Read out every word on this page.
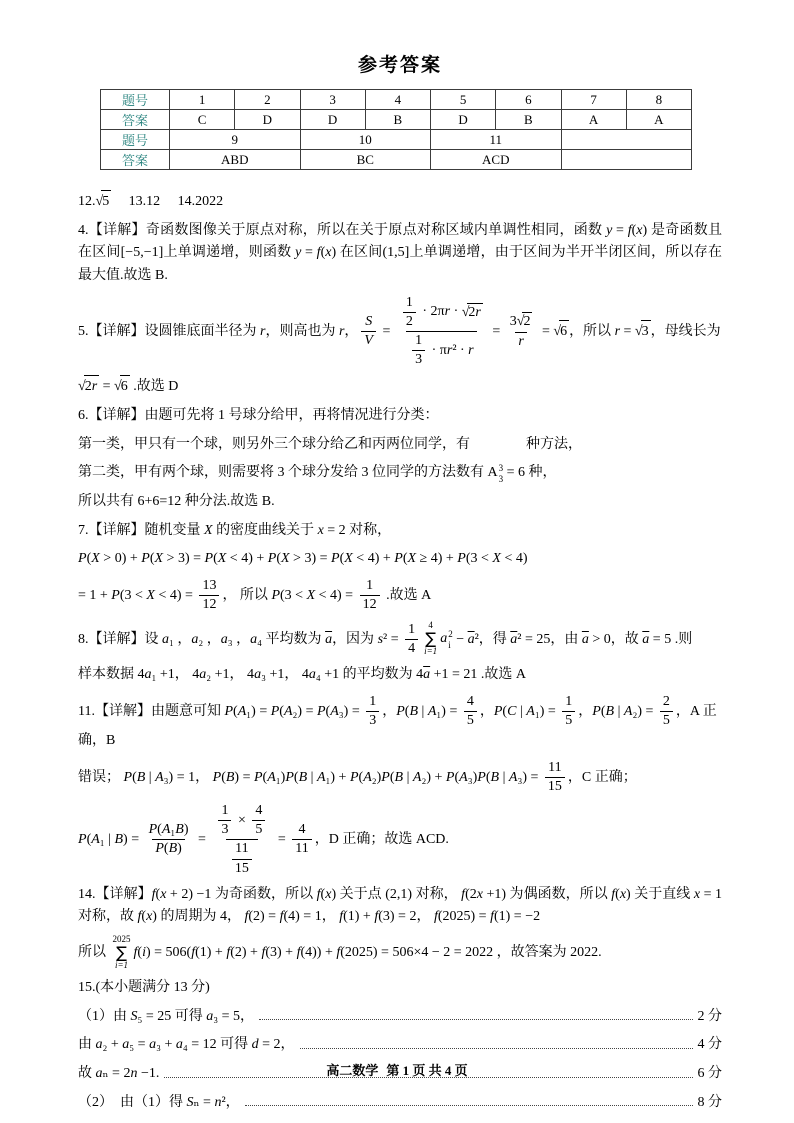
参考答案
题号	1	2	3	4	5	6	7	8
答案	C	D	D	B	D	B	A	A
题号	9		10		11			
答案	ABD		BC		ACD			
12.√5　 13.12　 14.2022
4.【详解】奇函数图像关于原点对称，所以在关于原点对称区域内单调性相同，函数 y = f(x) 是奇函数且在区间[−5,−1]上单调递增，则函数 y = f(x) 在区间(1,5]上单调递增，由于区间为半开半闭区间，所以存在最大值.故选 B.
5.【详解】设圆锥底面半径为 r，则高也为 r， $\frac{S}{V} = \frac{\frac{1}{2} \cdot 2\pi r \cdot √2r}{\frac{1}{3} \cdot \pi r ^2 \cdot r} = \frac{3 √2}{r} = √6$ ，所以 r = √3 ，母线长为
√2r = √6 .故选 D
6.【详解】由题可先将 1 号球分给甲，再将情况进行分类：
第一类，甲只有一个球，则另外三个球分给乙和丙两位同学，有　　　　种方法，
第二类，甲有两个球，则需要将 3 个球分发给 3 位同学的方法数有 A 3
3 = 6 种，
所以共有 6+6=12 种分法.故选 B.
7.【详解】随机变量 X 的密度曲线关于 x = 2 对称，
P(X > 0) + P(X > 3) = P(X < 4) + P(X > 3) = P(X < 4) + P(X ≥ 4) + P(3 < X < 4)
= $1 + P(3 < X < 4) = \frac{13}{12}$ ， 所以 $P(3 < X < 4) = \frac{1}{12}$ .故选 A
8.【详解】设 a₁ ，a₂ ，a₃ ，a₄ 平均数为 $\overline{a}$，因为 $s^2 = \frac{1}{4} 4$
∑
i=1
a 2
$i - \overline{a}^2$，得 $\overline{a}^2 = 25$，由 $\overline{a} > 0$，故 $\overline{a} = 5$ .则
样本数据 4a₁ +1， 4a₂ +1， 4a₃ +1， 4a₄ +1 的平均数为 $4\overline{a} +1 = 21$ .故选 A
11.【详解】由题意可知 $P(A_1) = P(A_2) = P(A_3) = \frac{1}{3}$ ，P(B | $A_1) = \frac{4}{5}$ ，P(C | $A_1) = \frac{1}{5}$ ，P(B | $A_2) = \frac{2}{5}$ ，A 正确，B
错误； P(B | A₃) = 1， P(B) = P(A₁)P(B | A₁) + P(A₂)P(B | A₂) + P(A₃)P(B | $A_3) = \frac{11}{15}$ ，C 正确；
P(A₁ | $B) = \frac{\text{P ( A ₁ B )}}{P ( B )} = \frac{\frac{1}{3} \times \frac{4}{5}}{\frac{11}{15}} = \frac{4}{11}$ ，D 正确；故选 ACD.
14.【详解】f(x + 2) −1 为奇函数，所以 f(x) 关于点 (2,1) 对称， f(2x +1) 为偶函数，所以 f(x) 关于直线 x = 1 对称，故 f(x) 的周期为 4， f(2) = f(4) = 1， f(1) + f(3) = 2， f(2025) = f(1) = −2
所以
2025
∑
i=1
f(i) = 506(f(1) + f(2) + f(3) + f(4)) + f(2025) = 506×4 − 2 = 2022 ，故答案为 2022.
15.(本小题满分 13 分)
（1）由 S ₅ = 25 可得 a ₃ = 5，	2 分
由 a ₂ + a ₅ = a ₃ + a ₄ = 12 可得 d = 2，	4 分
故 a ₙ = 2 n −1.	6 分
（2）　由（1）得 S ₙ = n ²，	8 分
高二数学 第 1 页 共 4 页
